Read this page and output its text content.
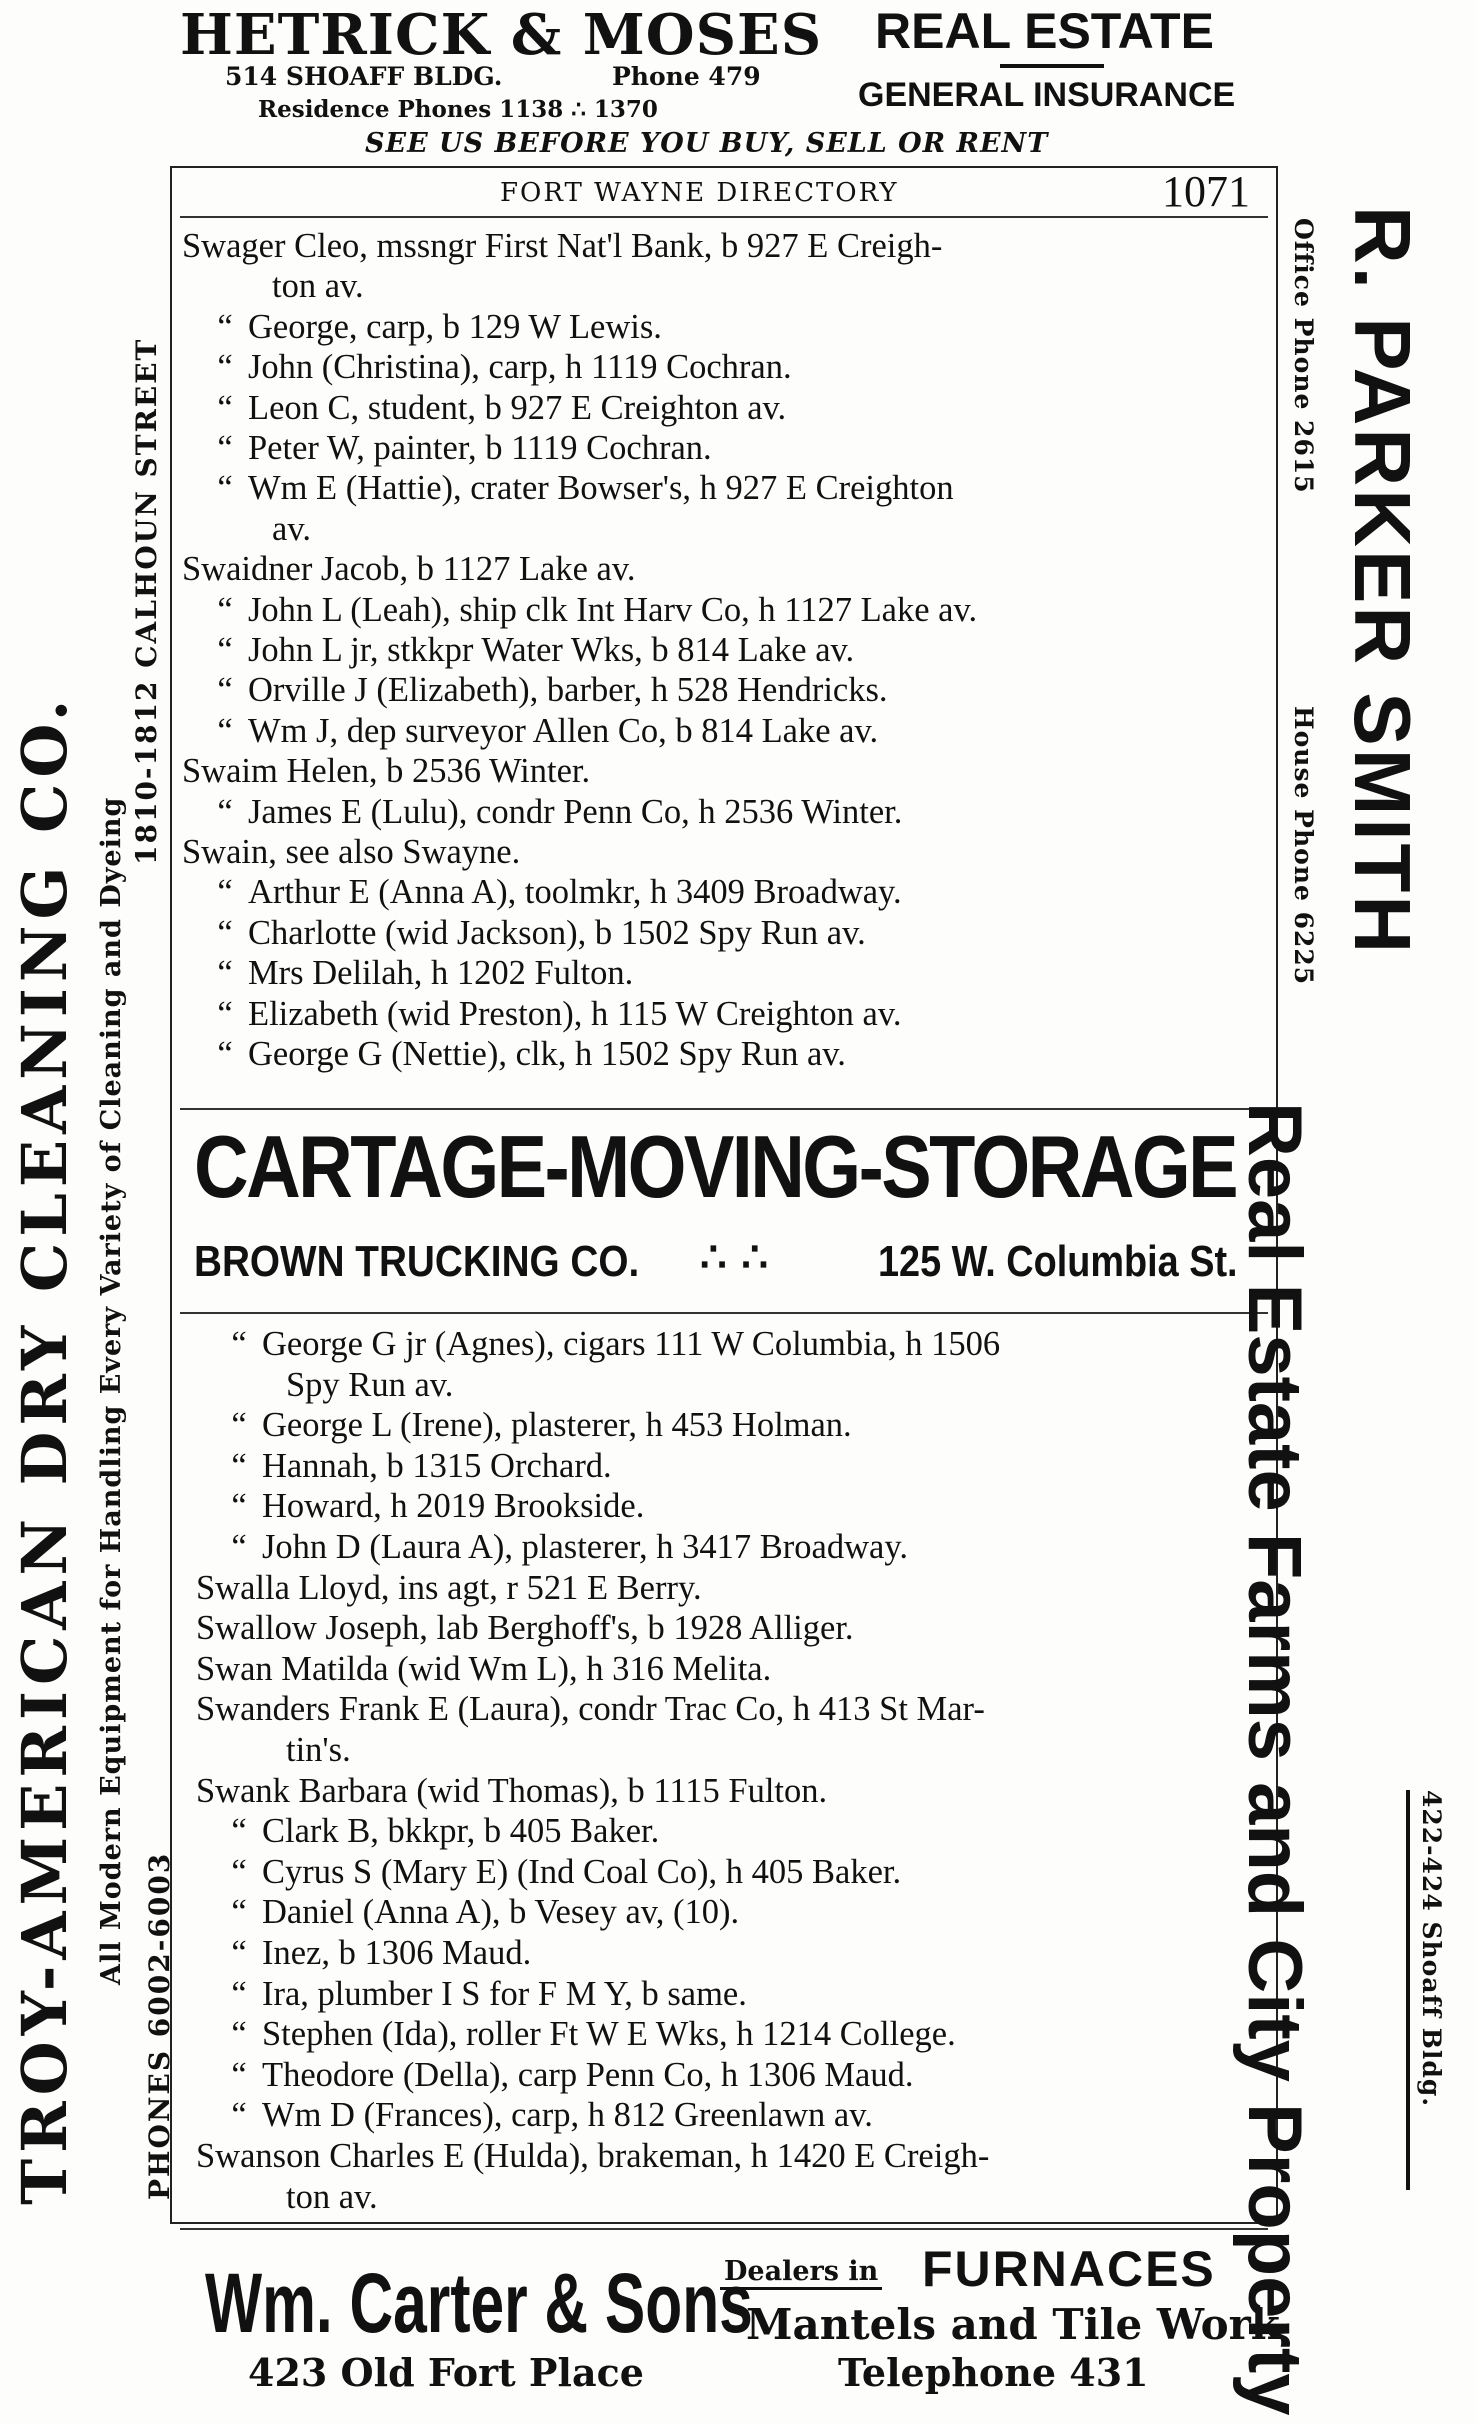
HETRICK & MOSES
514 SHOAFF BLDG.	Phone 479
Residence Phones 1138 ∴ 1370
REAL ESTATE
GENERAL INSURANCE
SEE US BEFORE YOU BUY, SELL OR RENT
FORT WAYNE DIRECTORY	1071
Swager Cleo, mssngr First Nat'l Bank, b 927 E Creigh-
ton av.
“ George, carp, b 129 W Lewis.
“ John (Christina), carp, h 1119 Cochran.
“ Leon C, student, b 927 E Creighton av.
“ Peter W, painter, b 1119 Cochran.
“ Wm E (Hattie), crater Bowser's, h 927 E Creighton
av.
Swaidner Jacob, b 1127 Lake av.
“ John L (Leah), ship clk Int Harv Co, h 1127 Lake av.
“ John L jr, stkkpr Water Wks, b 814 Lake av.
“ Orville J (Elizabeth), barber, h 528 Hendricks.
“ Wm J, dep surveyor Allen Co, b 814 Lake av.
Swaim Helen, b 2536 Winter.
“ James E (Lulu), condr Penn Co, h 2536 Winter.
Swain, see also Swayne.
“ Arthur E (Anna A), toolmkr, h 3409 Broadway.
“ Charlotte (wid Jackson), b 1502 Spy Run av.
“ Mrs Delilah, h 1202 Fulton.
“ Elizabeth (wid Preston), h 115 W Creighton av.
“ George G (Nettie), clk, h 1502 Spy Run av.
CARTAGE-MOVING-STORAGE
BROWN TRUCKING CO. ∴ ∴ 125 W. Columbia St.
“ George G jr (Agnes), cigars 111 W Columbia, h 1506
Spy Run av.
“ George L (Irene), plasterer, h 453 Holman.
“ Hannah, b 1315 Orchard.
“ Howard, h 2019 Brookside.
“ John D (Laura A), plasterer, h 3417 Broadway.
Swalla Lloyd, ins agt, r 521 E Berry.
Swallow Joseph, lab Berghoff's, b 1928 Alliger.
Swan Matilda (wid Wm L), h 316 Melita.
Swanders Frank E (Laura), condr Trac Co, h 413 St Mar-
tin's.
Swank Barbara (wid Thomas), b 1115 Fulton.
“ Clark B, bkkpr, b 405 Baker.
“ Cyrus S (Mary E) (Ind Coal Co), h 405 Baker.
“ Daniel (Anna A), b Vesey av, (10).
“ Inez, b 1306 Maud.
“ Ira, plumber I S for F M Y, b same.
“ Stephen (Ida), roller Ft W E Wks, h 1214 College.
“ Theodore (Della), carp Penn Co, h 1306 Maud.
“ Wm D (Frances), carp, h 812 Greenlawn av.
Swanson Charles E (Hulda), brakeman, h 1420 E Creigh-
ton av.
Wm. Carter & Sons
423 Old Fort Place
Dealers in FURNACES
Mantels and Tile Work
Telephone 431
TROY-AMERICAN DRY CLEANING CO. All Modern Equipment for Handling Every Variety of Cleaning and Dyeing
1810-1812 CALHOUN STREET
PHONES 6002-6003
R. PARKER SMITH
Office Phone 2615
House Phone 6225
Real Estate Farms and City Property	422-424 Shoaff Bldg.
